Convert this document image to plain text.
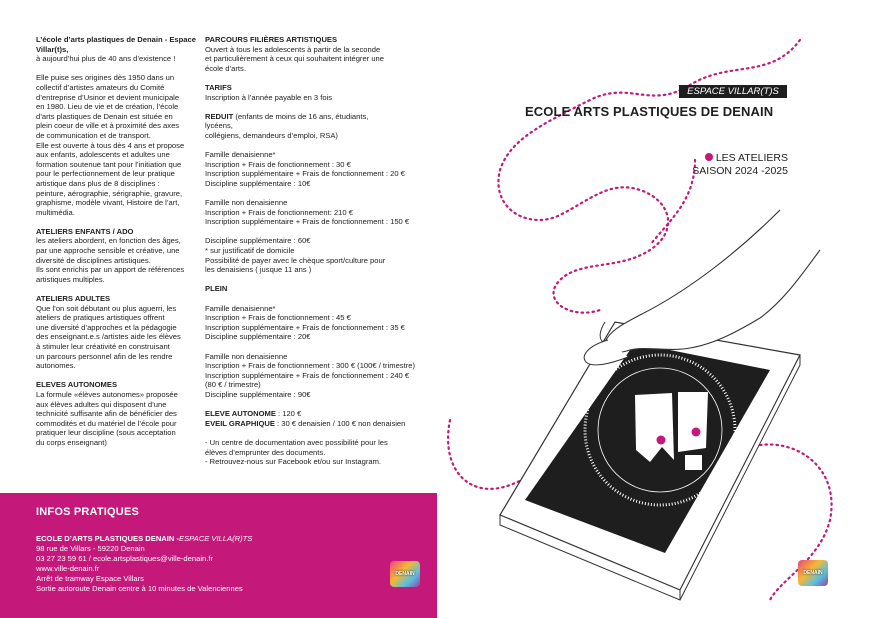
L’école d’arts plastiques de Denain - Espace Villar(t)s,

à aujourd’hui plus de 40 ans d’existence !

Elle puise ses origines dès 1950 dans un
collectif d’artistes amateurs du Comité
d’entreprise d’Usinor et devient municipale
en 1980. Lieu de vie et de création, l’école
d’arts plastiques de Denain est située en
plein coeur de ville et à proximité des axes
de communication et de transport.
Elle est ouverte à tous dès 4 ans et propose
aux enfants, adolescents et adultes une
formation soutenue tant pour l’initiation que
pour le perfectionnement de leur pratique
artistique dans plus de 8 disciplines :
peinture, aérographie, sérigraphie, gravure,
graphisme, modèle vivant, Histoire de l’art,
multimédia.

ATELIERS ENFANTS / ADO

les ateliers abordent, en fonction des âges,
par une approche sensible et créative, une
diversité de disciplines artistiques.
Ils sont enrichis par un apport de références
artistiques multiples.

ATELIERS ADULTES

Que l’on soit débutant ou plus aguerri, les
ateliers de pratiques artistiques offrent
une diversité d’approches et la pédagogie
des enseignant.e.s /artistes aide les élèves
à stimuler leur créativité en construisant
un parcours personnel afin de les rendre
autonomes.

ELEVES AUTONOMES

La formule «élèves autonomes» proposée
aux élèves adultes qui disposent d’une
technicité suffisante afin de bénéficier des
commodités et du matériel de l’école pour
pratiquer leur discipline (sous acceptation
du corps enseignant)

PARCOURS FILIÈRES ARTISTIQUES

Ouvert à tous les adolescents à partir de la seconde
et particulièrement à ceux qui souhaitent intégrer une
école d’arts.

TARIFS

Inscription à l’année payable en 3 fois

REDUIT (enfants de moins de 16 ans, étudiants,
lycéens,
collégiens, demandeurs d’emploi, RSA)

Famille denaisienne*
Inscription + Frais de fonctionnement : 30 €
Inscription supplémentaire + Frais de fonctionnement : 20 €
Discipline supplémentaire : 10€

Famille non denaisienne
Inscription + Frais de fonctionnement: 210 €
Inscription supplémentaire + Frais de fonctionnement : 150 €

Discipline supplémentaire : 60€
* sur justificatif de domicile
Possibilité de payer avec le chèque sport/culture pour
les denaisiens ( jusque 11 ans )

PLEIN

Famille denaisienne*
Inscription + Frais de fonctionnement : 45 €
Inscription supplémentaire + Frais de fonctionnement : 35 €
Discipline supplémentaire : 20€

Famille non denaisienne
Inscription + Frais de fonctionnement : 300 € (100€ / trimestre)
Inscription supplémentaire + Frais de fonctionnement : 240 €
(80 € / trimestre)
Discipline supplémentaire : 90€

ELEVE AUTONOME : 120 €

EVEIL GRAPHIQUE : 30 € denaisien / 100 € non denaisien

- Un centre de documentation avec possibilité pour les
élèves d’emprunter des documents.
- Retrouvez-nous sur Facebook et/ou sur Instagram.

INFOS PRATIQUES
ECOLE D’ARTS PLASTIQUES DENAIN -ESPACE VILLA(R)TS
98 rue de Villars - 59220 Denain
03 27 23 59 61 / ecole.artsplastiques@ville-denain.fr
www.ville-denain.fr
Arrêt de tramway Espace Villars
Sortie autoroute Denain centre à 10 minutes de Valenciennes
DENAIN
ESPACE VILLAR(T)S
ECOLE ARTS PLASTIQUES DE DENAIN
LES ATELIERS
SAISON 2024 -2025
DENAIN
